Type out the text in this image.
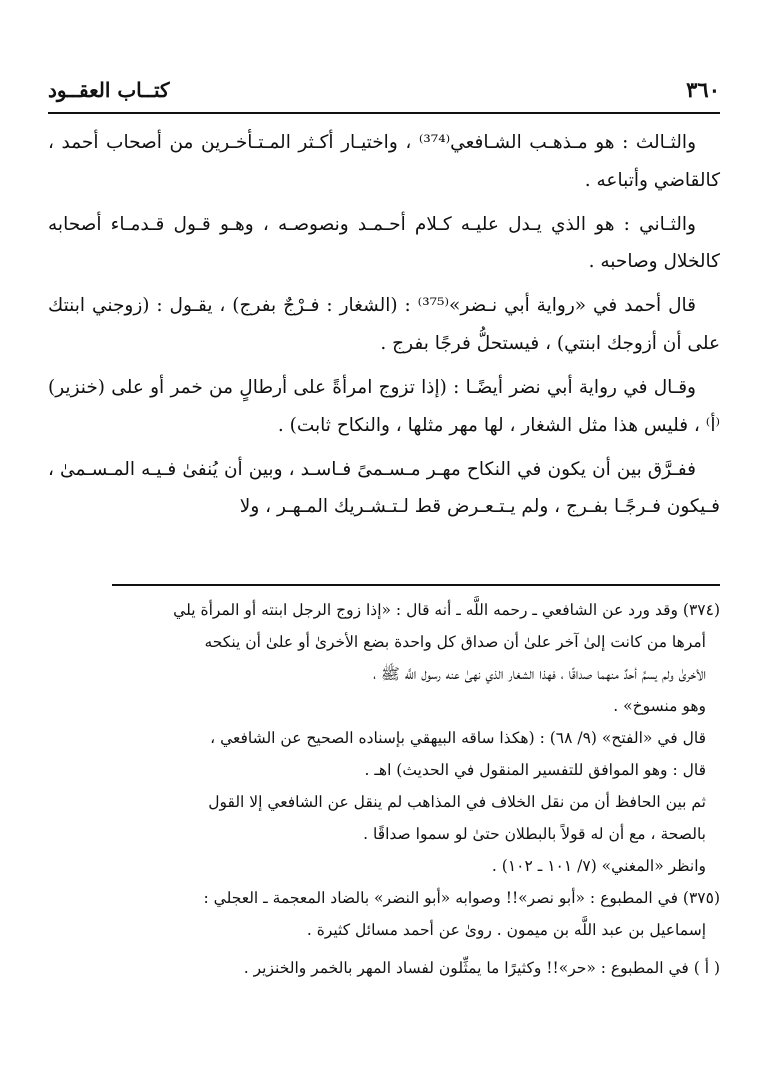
٣٦٠
كتــاب العقــود

والثـالث : هو مـذهـب الشـافعي⁽³⁷⁴⁾ ، واختيـار أكـثر المـتـأخـرين من أصحاب أحمد ، كالقاضي وأتباعه .

والثـاني : هو الذي يـدل عليـه كـلام أحـمـد ونصوصـه ، وهـو قـول قـدمـاء أصحابه كالخلال وصاحبه .

قال أحمد في «رواية أبي نـضر»⁽³⁷⁵⁾ : (الشغار : فـرْجٌ بفرج) ، يقـول : (زوجني ابنتك على أن أزوجك ابنتي) ، فيستحلُّ فرجًا بفرج .

وقـال في رواية أبي نضر أيضًـا : (إذا تزوج امرأةً على أرطالٍ من خمر أو على (خنزير)⁽أ⁾ ، فليس هذا مثل الشغار ، لها مهر مثلها ، والنكاح ثابت) .

ففـرَّق بين أن يكون في النكاح مهـر مـسـمىً فـاسـد ، وبين أن يُنفىٰ فـيـه المـسـمىٰ ، فـيكون فـرجًـا بفـرج ، ولم يـتـعـرض قط لـتـشـريك المـهـر ، ولا

(٣٧٤) وقد ورد عن الشافعي ـ رحمه اللَّه ـ أنه قال : «إذا زوج الرجل ابنته أو المرأة يلي

أمرها من كانت إلىٰ آخر علىٰ أن صداق كل واحدة بضع الأخرىٰ أو علىٰ أن ينكحه

الأخرىٰ ولم يسمِّ أحدٌ منهما صداقًا ، فهذا الشغار الذي نهىٰ عنه رسول اللَّه ﷺ ،

وهو منسوخ» .

قال في «الفتح» (٩/ ٦٨) : (هكذا ساقه البيهقي بإسناده الصحيح عن الشافعي ،

قال : وهو الموافق للتفسير المنقول في الحديث) اهـ .

ثم بين الحافظ أن من نقل الخلاف في المذاهب لم ينقل عن الشافعي إلا القول

بالصحة ، مع أن له قولاً بالبطلان حتىٰ لو سموا صداقًا .

وانظر «المغني» (٧/ ١٠١ ـ ١٠٢) .

(٣٧٥) في المطبوع : «أبو نصر»!! وصوابه «أبو النضر» بالضاد المعجمة ـ العجلي :

إسماعيل بن عبد اللَّه بن ميمون . روىٰ عن أحمد مسائل كثيرة .

( أ ) في المطبوع : «حر»!! وكثيرًا ما يمثِّلون لفساد المهر بالخمر والخنزير .
